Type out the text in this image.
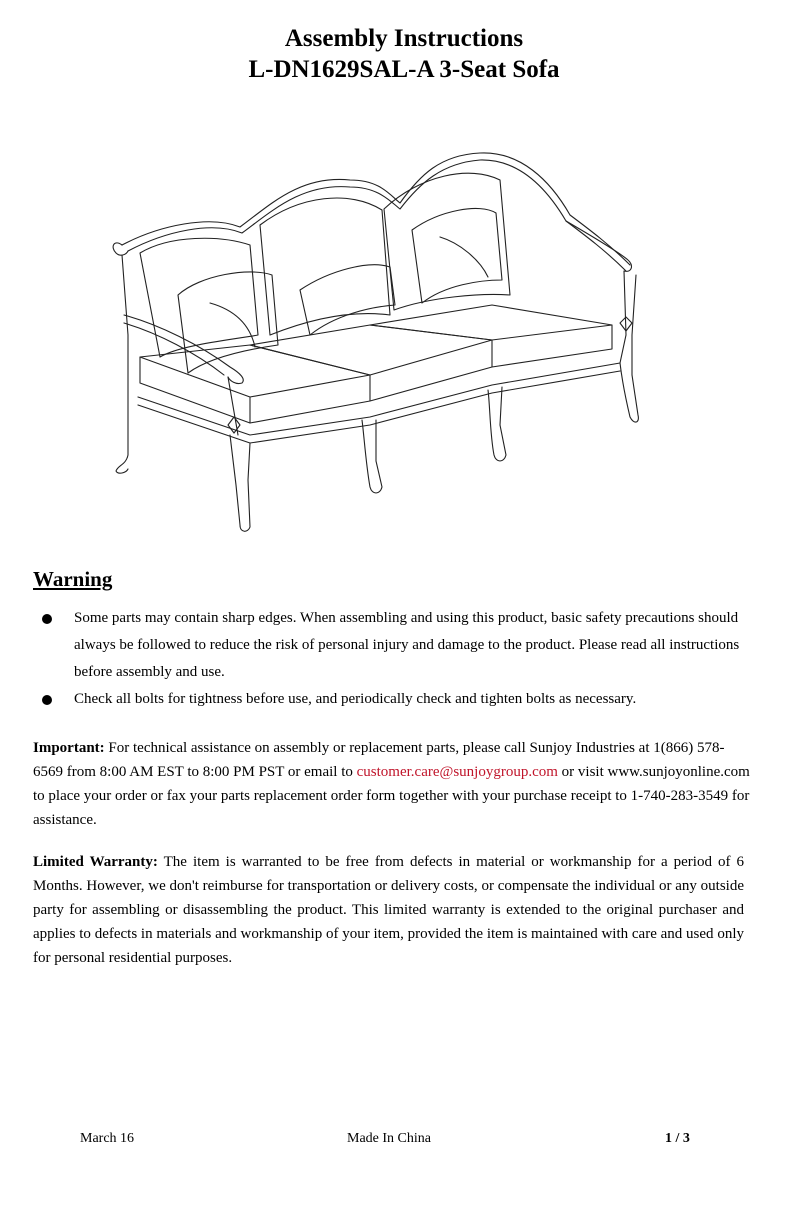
Assembly Instructions
L-DN1629SAL-A 3-Seat Sofa
Warning
Some parts may contain sharp edges. When assembling and using this product, basic safety precautions should always be followed to reduce the risk of personal injury and damage to the product. Please read all instructions before assembly and use.
Check all bolts for tightness before use, and periodically check and tighten bolts as necessary.
Important: For technical assistance on assembly or replacement parts, please call Sunjoy Industries at 1(866) 578-6569 from 8:00 AM EST to 8:00 PM PST or email to customer.care@sunjoygroup.com or visit www.sunjoyonline.com to place your order or fax your parts replacement order form together with your purchase receipt to 1-740-283-3549 for assistance.
Limited Warranty: The item is warranted to be free from defects in material or workmanship for a period of 6 Months. However, we don't reimburse for transportation or delivery costs, or compensate the individual or any outside party for assembling or disassembling the product. This limited warranty is extended to the original purchaser and applies to defects in materials and workmanship of your item, provided the item is maintained with care and used only for personal residential purposes.
March 16	Made In China	1 / 3
